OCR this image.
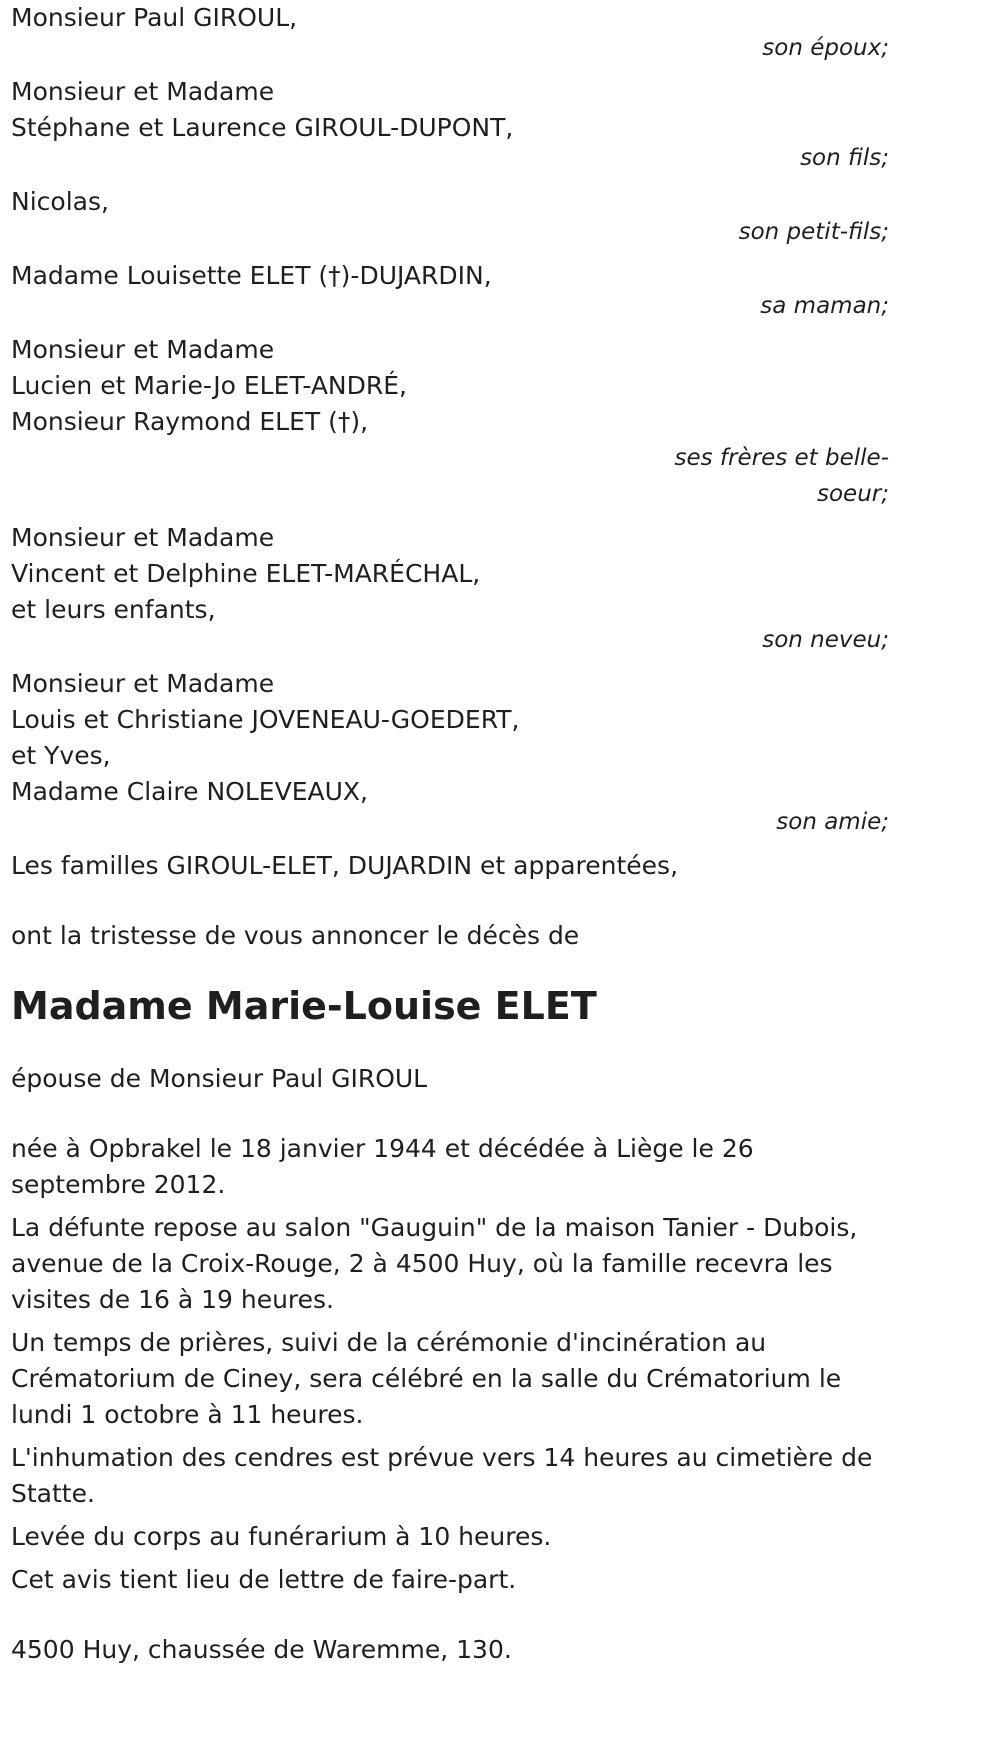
Monsieur Paul GIROUL,

son époux;

Monsieur et Madame

Stéphane et Laurence GIROUL-DUPONT,

son fils;

Nicolas,

son petit-fils;

Madame Louisette ELET (†)-DUJARDIN,

sa maman;

Monsieur et Madame

Lucien et Marie-Jo ELET-ANDRÉ,

Monsieur Raymond ELET (†),

ses frères et belle-soeur;

Monsieur et Madame

Vincent et Delphine ELET-MARÉCHAL,

et leurs enfants,

son neveu;

Monsieur et Madame

Louis et Christiane JOVENEAU-GOEDERT,

et Yves,

Madame Claire NOLEVEAUX,

son amie;

Les familles GIROUL-ELET, DUJARDIN et apparentées,

ont la tristesse de vous annoncer le décès de

Madame Marie-Louise ELET

épouse de Monsieur Paul GIROUL

née à Opbrakel le 18 janvier 1944 et décédée à Liège le 26 septembre 2012.

La défunte repose au salon "Gauguin" de la maison Tanier - Dubois, avenue de la Croix-Rouge, 2 à 4500 Huy, où la famille recevra les visites de 16 à 19 heures.

Un temps de prières, suivi de la cérémonie d'incinération au Crématorium de Ciney, sera célébré en la salle du Crématorium le lundi 1 octobre à 11 heures.

L'inhumation des cendres est prévue vers 14 heures au cimetière de Statte.

Levée du corps au funérarium à 10 heures.

Cet avis tient lieu de lettre de faire-part.

4500 Huy, chaussée de Waremme, 130.
